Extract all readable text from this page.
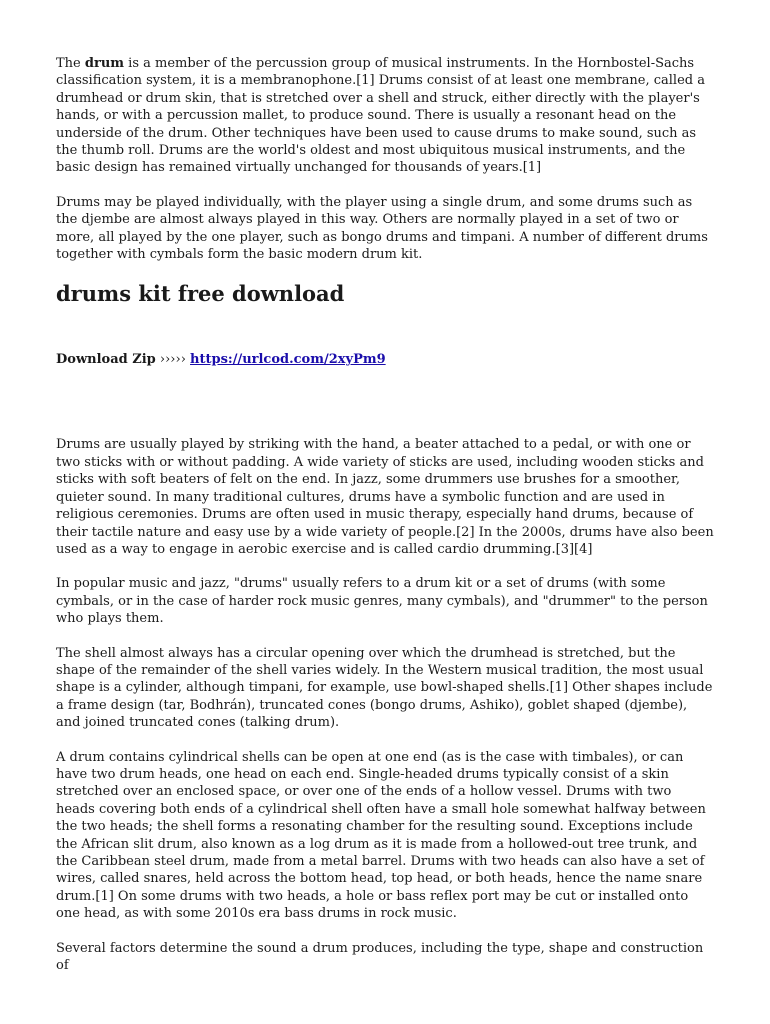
The drum is a member of the percussion group of musical instruments. In the Hornbostel-Sachs classification system, it is a membranophone.[1] Drums consist of at least one membrane, called a drumhead or drum skin, that is stretched over a shell and struck, either directly with the player's hands, or with a percussion mallet, to produce sound. There is usually a resonant head on the underside of the drum. Other techniques have been used to cause drums to make sound, such as the thumb roll. Drums are the world's oldest and most ubiquitous musical instruments, and the basic design has remained virtually unchanged for thousands of years.[1]

Drums may be played individually, with the player using a single drum, and some drums such as the djembe are almost always played in this way. Others are normally played in a set of two or more, all played by the one player, such as bongo drums and timpani. A number of different drums together with cymbals form the basic modern drum kit.

drums kit free download
Download Zip ››››› https://urlcod.com/2xyPm9

Drums are usually played by striking with the hand, a beater attached to a pedal, or with one or two sticks with or without padding. A wide variety of sticks are used, including wooden sticks and sticks with soft beaters of felt on the end. In jazz, some drummers use brushes for a smoother, quieter sound. In many traditional cultures, drums have a symbolic function and are used in religious ceremonies. Drums are often used in music therapy, especially hand drums, because of their tactile nature and easy use by a wide variety of people.[2] In the 2000s, drums have also been used as a way to engage in aerobic exercise and is called cardio drumming.[3][4]

In popular music and jazz, "drums" usually refers to a drum kit or a set of drums (with some cymbals, or in the case of harder rock music genres, many cymbals), and "drummer" to the person who plays them.

The shell almost always has a circular opening over which the drumhead is stretched, but the shape of the remainder of the shell varies widely. In the Western musical tradition, the most usual shape is a cylinder, although timpani, for example, use bowl-shaped shells.[1] Other shapes include a frame design (tar, Bodhrán), truncated cones (bongo drums, Ashiko), goblet shaped (djembe), and joined truncated cones (talking drum).

A drum contains cylindrical shells can be open at one end (as is the case with timbales), or can have two drum heads, one head on each end. Single-headed drums typically consist of a skin stretched over an enclosed space, or over one of the ends of a hollow vessel. Drums with two heads covering both ends of a cylindrical shell often have a small hole somewhat halfway between the two heads; the shell forms a resonating chamber for the resulting sound. Exceptions include the African slit drum, also known as a log drum as it is made from a hollowed-out tree trunk, and the Caribbean steel drum, made from a metal barrel. Drums with two heads can also have a set of wires, called snares, held across the bottom head, top head, or both heads, hence the name snare drum.[1] On some drums with two heads, a hole or bass reflex port may be cut or installed onto one head, as with some 2010s era bass drums in rock music.

Several factors determine the sound a drum produces, including the type, shape and construction of
